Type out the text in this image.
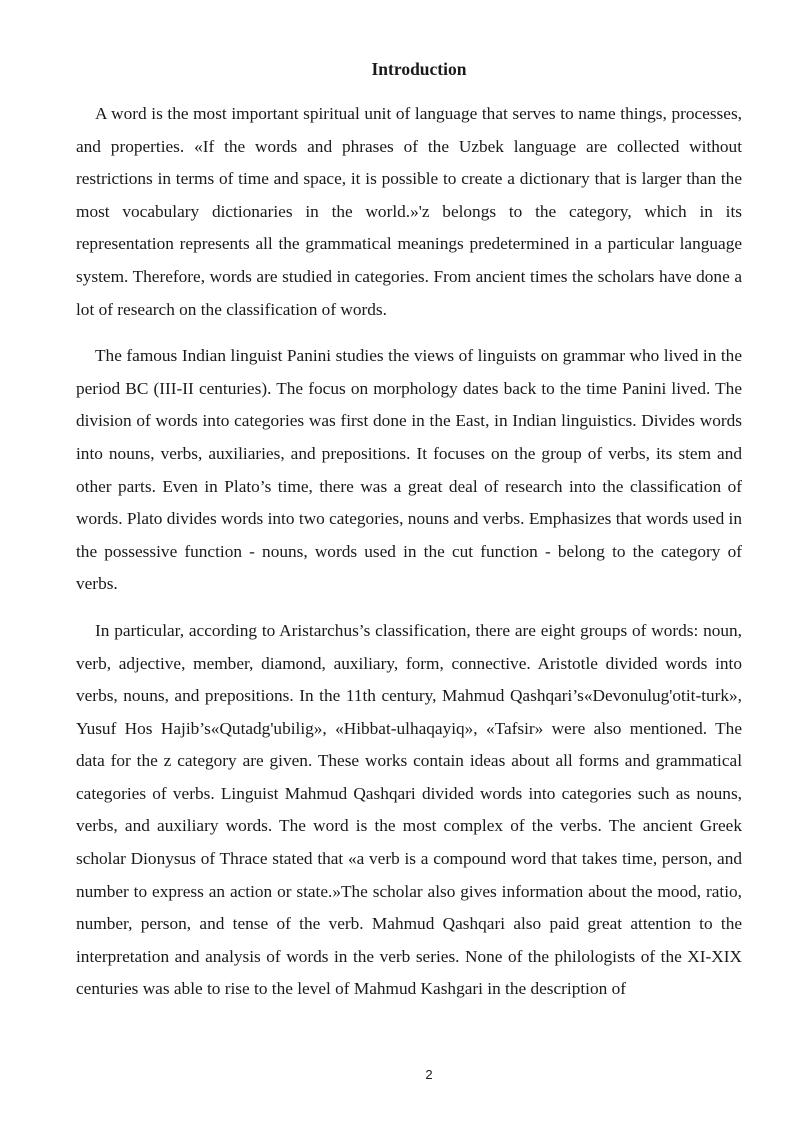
Introduction

A word is the most important spiritual unit of language that serves to name things, processes, and properties. «If the words and phrases of the Uzbek language are collected without restrictions in terms of time and space, it is possible to create a dictionary that is larger than the most vocabulary dictionaries in the world.»'z belongs to the category, which in its representation represents all the grammatical meanings predetermined in a particular language system. Therefore, words are studied in categories. From ancient times the scholars have done a lot of research on the classification of words.

The famous Indian linguist Panini studies the views of linguists on grammar who lived in the period BC (III-II centuries). The focus on morphology dates back to the time Panini lived. The division of words into categories was first done in the East, in Indian linguistics. Divides words into nouns, verbs, auxiliaries, and prepositions. It focuses on the group of verbs, its stem and other parts. Even in Plato’s time, there was a great deal of research into the classification of words. Plato divides words into two categories, nouns and verbs. Emphasizes that words used in the possessive function - nouns, words used in the cut function - belong to the category of verbs.

In particular, according to Aristarchus’s classification, there are eight groups of words: noun, verb, adjective, member, diamond, auxiliary, form, connective. Aristotle divided words into verbs, nouns, and prepositions. In the 11th century, Mahmud Qashqari’s«Devonulug'otit-turk», Yusuf Hos Hajib’s«Qutadg'ubilig», «Hibbat-ulhaqayiq», «Tafsir» were also mentioned. The data for the z category are given. These works contain ideas about all forms and grammatical categories of verbs. Linguist Mahmud Qashqari divided words into categories such as nouns, verbs, and auxiliary words. The word is the most complex of the verbs. The ancient Greek scholar Dionysus of Thrace stated that «a verb is a compound word that takes time, person, and number to express an action or state.»The scholar also gives information about the mood, ratio, number, person, and tense of the verb. Mahmud Qashqari also paid great attention to the interpretation and analysis of words in the verb series. None of the philologists of the XI-XIX centuries was able to rise to the level of Mahmud Kashgari in the description of

2
